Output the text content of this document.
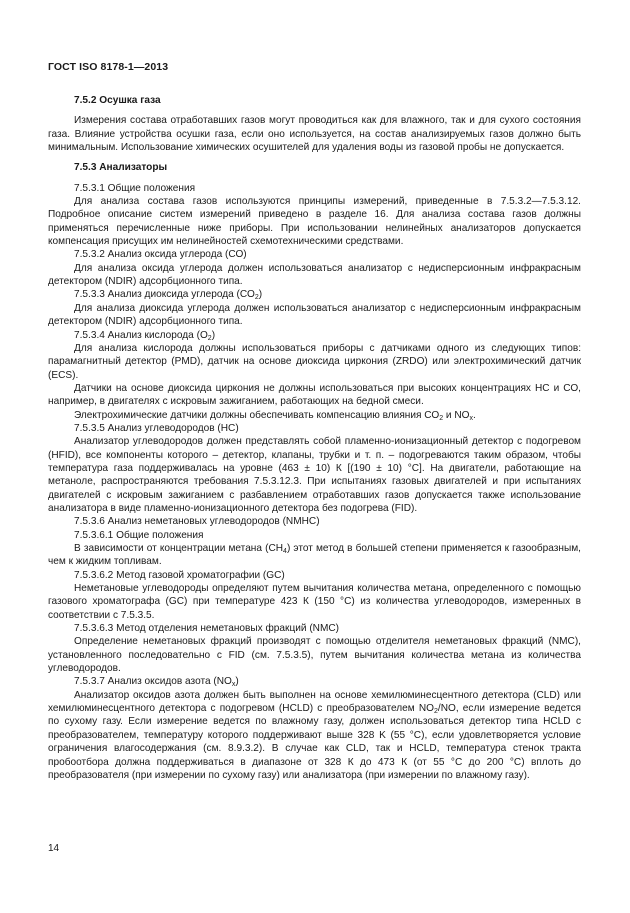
ГОСТ ISO 8178-1—2013

7.5.2 Осушка газа

Измерения состава отработавших газов могут проводиться как для влажного, так и для сухого состояния газа. Влияние устройства осушки газа, если оно используется, на состав анализируемых газов должно быть минимальным. Использование химических осушителей для удаления воды из газовой пробы не допускается.

7.5.3 Анализаторы

7.5.3.1 Общие положения

Для анализа состава газов используются принципы измерений, приведенные в 7.5.3.2—7.5.3.12. Подробное описание систем измерений приведено в разделе 16. Для анализа состава газов должны применяться перечисленные ниже приборы. При использовании нелинейных анализаторов допускается компенсация присущих им нелинейностей схемотехническими средствами.

7.5.3.2 Анализ оксида углерода (СО)

Для анализа оксида углерода должен использоваться анализатор с недисперсионным инфракрасным детектором (NDIR) адсорбционного типа.

7.5.3.3 Анализ диоксида углерода $(СО_2)$

Для анализа диоксида углерода должен использоваться анализатор с недисперсионным инфракрасным детектором (NDIR) адсорбционного типа.

7.5.3.4 Анализ кислорода $(O_2)$

Для анализа кислорода должны использоваться приборы с датчиками одного из следующих типов: парамагнитный детектор (PMD), датчик на основе диоксида циркония (ZRDO) или электрохимический датчик (ECS).

Датчики на основе диоксида циркония не должны использоваться при высоких концентрациях НС и СО, например, в двигателях с искровым зажиганием, работающих на бедной смеси.

Электрохимические датчики должны обеспечивать компенсацию влияния $СО_2$ и $NO_x$.

7.5.3.5 Анализ углеводородов (НС)

Анализатор углеводородов должен представлять собой пламенно-ионизационный детектор с подогревом (HFID), все компоненты которого – детектор, клапаны, трубки и т. п. – подогреваются таким образом, чтобы температура газа поддерживалась на уровне (463 ± 10) К [(190 ± 10) °С]. На двигатели, работающие на метаноле, распространяются требования 7.5.3.12.3. При испытаниях газовых двигателей и при испытаниях двигателей с искровым зажиганием с разбавлением отработавших газов допускается также использование анализатора в виде пламенно-ионизационного детектора без подогрева (FID).

7.5.3.6 Анализ неметановых углеводородов (NMHC)

7.5.3.6.1 Общие положения

В зависимости от концентрации метана $(СН_4)$ этот метод в большей степени применяется к газообразным, чем к жидким топливам.

7.5.3.6.2 Метод газовой хроматографии (GC)

Неметановые углеводороды определяют путем вычитания количества метана, определенного с помощью газового хроматографа (GC) при температуре 423 К (150 °С) из количества углеводородов, измеренных в соответствии с 7.5.3.5.

7.5.3.6.3 Метод отделения неметановых фракций (NMC)

Определение неметановых фракций производят с помощью отделителя неметановых фракций (NMC), установленного последовательно с FID (см. 7.5.3.5), путем вычитания количества метана из количества углеводородов.

7.5.3.7 Анализ оксидов азота $(NO_x)$

Анализатор оксидов азота должен быть выполнен на основе хемилюминесцентного детектора (CLD) или хемилюминесцентного детектора с подогревом (HCLD) с преобразователем $NO_2/NO$, если измерение ведется по сухому газу. Если измерение ведется по влажному газу, должен использоваться детектор типа HCLD с преобразователем, температуру которого поддерживают выше 328 K (55 °C), если удовлетворяется условие ограничения влагосодержания (см. 8.9.3.2). В случае как CLD, так и HCLD, температура стенок тракта пробоотбора должна поддерживаться в диапазоне от 328 К до 473 К (от 55 °С до 200 °С) вплоть до преобразователя (при измерении по сухому газу) или анализатора (при измерении по влажному газу).

14
